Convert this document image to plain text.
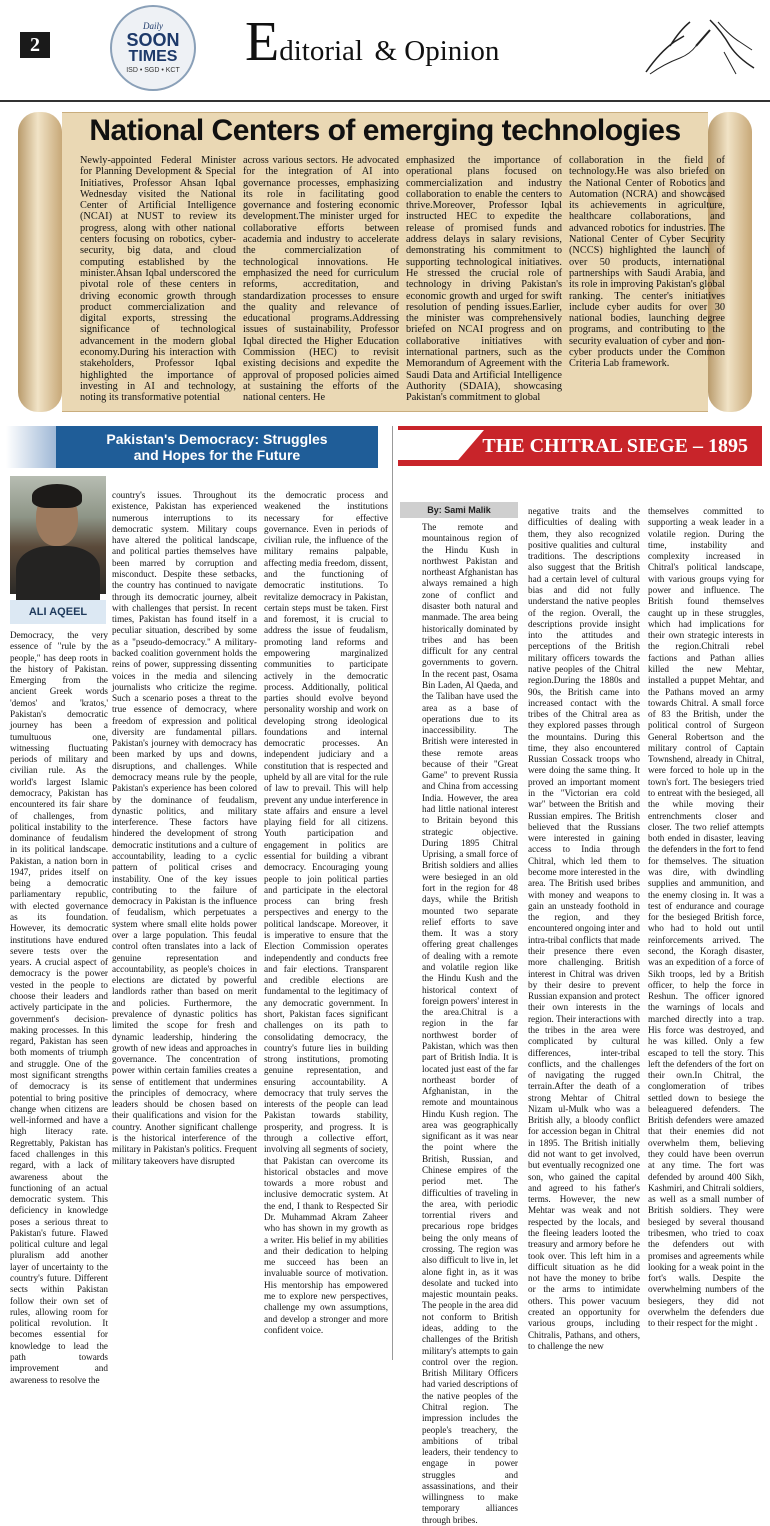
2
Daily
SOON
TIMES
ISD • SGD • KCT Editorial & Opinion
National Centers of emerging technologies
Newly-appointed Federal Minister for Planning Development & Special Initiatives, Professor Ahsan Iqbal Wednesday visited the National Center of Artificial Intelligence (NCAI) at NUST to review its progress, along with other national centers focusing on robotics, cyber-security, big data, and cloud computing established by the minister.Ahsan Iqbal underscored the pivotal role of these centers in driving economic growth through product commercialization and digital exports, stressing the significance of technological advancement in the modern global economy.During his interaction with stakeholders, Professor Iqbal highlighted the importance of investing in AI and technology, noting its transformative potential
across various sectors. He advocated for the integration of AI into governance processes, emphasizing its role in facilitating good governance and fostering economic development.The minister urged for collaborative efforts between academia and industry to accelerate the commercialization of technological innovations. He emphasized the need for curriculum reforms, accreditation, and standardization processes to ensure the quality and relevance of educational programs.Addressing issues of sustainability, Professor Iqbal directed the Higher Education Commission (HEC) to revisit existing decisions and expedite the approval of proposed policies aimed at sustaining the efforts of the national centers. He
emphasized the importance of operational plans focused on commercialization and industry collaboration to enable the centers to thrive.Moreover, Professor Iqbal instructed HEC to expedite the release of promised funds and address delays in salary revisions, demonstrating his commitment to supporting technological initiatives. He stressed the crucial role of technology in driving Pakistan's economic growth and urged for swift resolution of pending issues.Earlier, the minister was comprehensively briefed on NCAI progress and on collaborative initiatives with international partners, such as the Memorandum of Agreement with the Saudi Data and Artificial Intelligence Authority (SDAIA), showcasing Pakistan's commitment to global
collaboration in the field of technology.He was also briefed on the National Center of Robotics and Automation (NCRA) and showcased its achievements in agriculture, healthcare collaborations, and advanced robotics for industries. The National Center of Cyber Security (NCCS) highlighted the launch of over 50 products, international partnerships with Saudi Arabia, and its role in improving Pakistan's global ranking. The center's initiatives include cyber audits for over 30 national bodies, launching degree programs, and contributing to the security evaluation of cyber and non-cyber products under the Common Criteria Lab framework.
Pakistan's Democracy: Struggles
and Hopes for the Future
ALI AQEEL
Democracy, the very essence of "rule by the people," has deep roots in the history of Pakistan. Emerging from the ancient Greek words 'demos' and 'kratos,' Pakistan's democratic journey has been a tumultuous one, witnessing fluctuating periods of military and civilian rule. As the world's largest Islamic democracy, Pakistan has encountered its fair share of challenges, from political instability to the dominance of feudalism in its political landscape. Pakistan, a nation born in 1947, prides itself on being a democratic parliamentary republic, with elected governance as its foundation. However, its democratic institutions have endured severe tests over the years. A crucial aspect of democracy is the power vested in the people to choose their leaders and actively participate in the government's decision-making processes. In this regard, Pakistan has seen both moments of triumph and struggle. One of the most significant strengths of democracy is its potential to bring positive change when citizens are well-informed and have a high literacy rate. Regrettably, Pakistan has faced challenges in this regard, with a lack of awareness about the functioning of an actual democratic system. This deficiency in knowledge poses a serious threat to Pakistan's future. Flawed political culture and legal pluralism add another layer of uncertainty to the country's future. Different sects within Pakistan follow their own set of rules, allowing room for political revolution. It becomes essential for knowledge to lead the path towards improvement and awareness to resolve the
country's issues. Throughout its existence, Pakistan has experienced numerous interruptions to its democratic system. Military coups have altered the political landscape, and political parties themselves have been marred by corruption and misconduct. Despite these setbacks, the country has continued to navigate through its democratic journey, albeit with challenges that persist. In recent times, Pakistan has found itself in a peculiar situation, described by some as a "pseudo-democracy." A military-backed coalition government holds the reins of power, suppressing dissenting voices in the media and silencing journalists who criticize the regime. Such a scenario poses a threat to the true essence of democracy, where freedom of expression and political diversity are fundamental pillars. Pakistan's journey with democracy has been marked by ups and downs, disruptions, and challenges. While democracy means rule by the people, Pakistan's experience has been colored by the dominance of feudalism, dynastic politics, and military interference. These factors have hindered the development of strong democratic institutions and a culture of accountability, leading to a cyclic pattern of political crises and instability. One of the key issues contributing to the failure of democracy in Pakistan is the influence of feudalism, which perpetuates a system where small elite holds power over a large population. This feudal control often translates into a lack of genuine representation and accountability, as people's choices in elections are dictated by powerful landlords rather than based on merit and policies. Furthermore, the prevalence of dynastic politics has limited the scope for fresh and dynamic leadership, hindering the growth of new ideas and approaches in governance. The concentration of power within certain families creates a sense of entitlement that undermines the principles of democracy, where leaders should be chosen based on their qualifications and vision for the country. Another significant challenge is the historical interference of the military in Pakistan's politics. Frequent military takeovers have disrupted
the democratic process and weakened the institutions necessary for effective governance. Even in periods of civilian rule, the influence of the military remains palpable, affecting media freedom, dissent, and the functioning of democratic institutions. To revitalize democracy in Pakistan, certain steps must be taken. First and foremost, it is crucial to address the issue of feudalism, promoting land reforms and empowering marginalized communities to participate actively in the democratic process. Additionally, political parties should evolve beyond personality worship and work on developing strong ideological foundations and internal democratic processes. An independent judiciary and a constitution that is respected and upheld by all are vital for the rule of law to prevail. This will help prevent any undue interference in state affairs and ensure a level playing field for all citizens. Youth participation and engagement in politics are essential for building a vibrant democracy. Encouraging young people to join political parties and participate in the electoral process can bring fresh perspectives and energy to the political landscape. Moreover, it is imperative to ensure that the Election Commission operates independently and conducts free and fair elections. Transparent and credible elections are fundamental to the legitimacy of any democratic government. In short, Pakistan faces significant challenges on its path to consolidating democracy, the country's future lies in building strong institutions, promoting genuine representation, and ensuring accountability. A democracy that truly serves the interests of the people can lead Pakistan towards stability, prosperity, and progress. It is through a collective effort, involving all segments of society, that Pakistan can overcome its historical obstacles and move towards a more robust and inclusive democratic system. At the end, I thank to Respected Sir Dr. Muhammad Akram Zaheer who has shown in my growth as a writer. His belief in my abilities and their dedication to helping me succeed has been an invaluable source of motivation. His mentorship has empowered me to explore new perspectives, challenge my own assumptions, and develop a stronger and more confident voice.
THE CHITRAL SIEGE – 1895
By: Sami Malik
The remote and mountainous region of the Hindu Kush in northwest Pakistan and northeast Afghanistan has always remained a high zone of conflict and disaster both natural and manmade. The area being historically dominated by tribes and has been difficult for any central governments to govern. In the recent past, Osama Bin Laden, Al Qaeda, and the Taliban have used the area as a base of operations due to its inaccessibility. The British were interested in these remote areas because of their "Great Game" to prevent Russia and China from accessing India. However, the area had little national interest to Britain beyond this strategic objective. During 1895 Chitral Uprising, a small force of British soldiers and allies were besieged in an old fort in the region for 48 days, while the British mounted two separate relief efforts to save them. It was a story offering great challenges of dealing with a remote and volatile region like the Hindu Kush and the historical context of foreign powers' interest in the area.Chitral is a region in the far northwest border of Pakistan, which was then part of British India. It is located just east of the far northeast border of Afghanistan, in the remote and mountainous Hindu Kush region. The area was geographically significant as it was near the point where the British, Russian, and Chinese empires of the period met. The difficulties of traveling in the area, with periodic torrential rivers and precarious rope bridges being the only means of crossing. The region was also difficult to live in, let alone fight in, as it was desolate and tucked into majestic mountain peaks. The people in the area did not conform to British ideas, adding to the challenges of the British military's attempts to gain control over the region. British Military Officers had varied descriptions of the native peoples of the Chitral region. The impression includes the people's treachery, the ambitions of tribal leaders, their tendency to engage in power struggles and assassinations, and their willingness to make temporary alliances through bribes.
negative traits and the difficulties of dealing with them, they also recognized positive qualities and cultural traditions. The descriptions also suggest that the British had a certain level of cultural bias and did not fully understand the native peoples of the region. Overall, the descriptions provide insight into the attitudes and perceptions of the British military officers towards the native peoples of the Chitral region.During the 1880s and 90s, the British came into increased contact with the tribes of the Chitral area as they explored passes through the mountains. During this time, they also encountered Russian Cossack troops who were doing the same thing. It proved an important moment in the "Victorian era cold war" between the British and Russian empires. The British believed that the Russians were interested in gaining access to India through Chitral, which led them to become more interested in the area. The British used bribes with money and weapons to gain an unsteady foothold in the region, and they encountered ongoing inter and intra-tribal conflicts that made their presence there even more challenging. British interest in Chitral was driven by their desire to prevent Russian expansion and protect their own interests in the region. Their interactions with the tribes in the area were complicated by cultural differences, inter-tribal conflicts, and the challenges of navigating the rugged terrain.After the death of a strong Mehtar of Chitral Nizam ul-Mulk who was a British ally, a bloody conflict for accession began in Chitral in 1895. The British initially did not want to get involved, but eventually recognized one son, who gained the capital and agreed to his father's terms. However, the new Mehtar was weak and not respected by the locals, and the fleeing leaders looted the treasury and armory before he took over. This left him in a difficult situation as he did not have the money to bribe or the arms to intimidate others. This power vacuum created an opportunity for various groups, including Chitralis, Pathans, and others, to challenge the new
themselves committed to supporting a weak leader in a volatile region. During the time, instability and complexity increased in Chitral's political landscape, with various groups vying for power and influence. The British found themselves caught up in these struggles, which had implications for their own strategic interests in the region.Chitrali rebel factions and Pathan allies killed the new Mehtar, installed a puppet Mehtar, and the Pathans moved an army towards Chitral. A small force of 83 the British, under the political control of Surgeon General Robertson and the military control of Captain Townshend, already in Chitral, were forced to hole up in the town's fort. The besiegers tried to entreat with the besieged, all the while moving their entrenchments closer and closer. The two relief attempts both ended in disaster, leaving the defenders in the fort to fend for themselves. The situation was dire, with dwindling supplies and ammunition, and the enemy closing in. It was a test of endurance and courage for the besieged British force, who had to hold out until reinforcements arrived. The second, the Koragh disaster, was an expedition of a force of Sikh troops, led by a British officer, to help the force in Reshun. The officer ignored the warnings of locals and marched directly into a trap. His force was destroyed, and he was killed. Only a few escaped to tell the story. This left the defenders of the fort on their own.In Chitral, the conglomeration of tribes settled down to besiege the beleaguered defenders. The British defenders were amazed that their enemies did not overwhelm them, believing they could have been overrun at any time. The fort was defended by around 400 Sikh, Kashmiri, and Chitrali soldiers, as well as a small number of British soldiers. They were besieged by several thousand tribesmen, who tried to coax the defenders out with promises and agreements while looking for a weak point in the fort's walls. Despite the overwhelming numbers of the besiegers, they did not overwhelm the defenders due to their respect for the might .
